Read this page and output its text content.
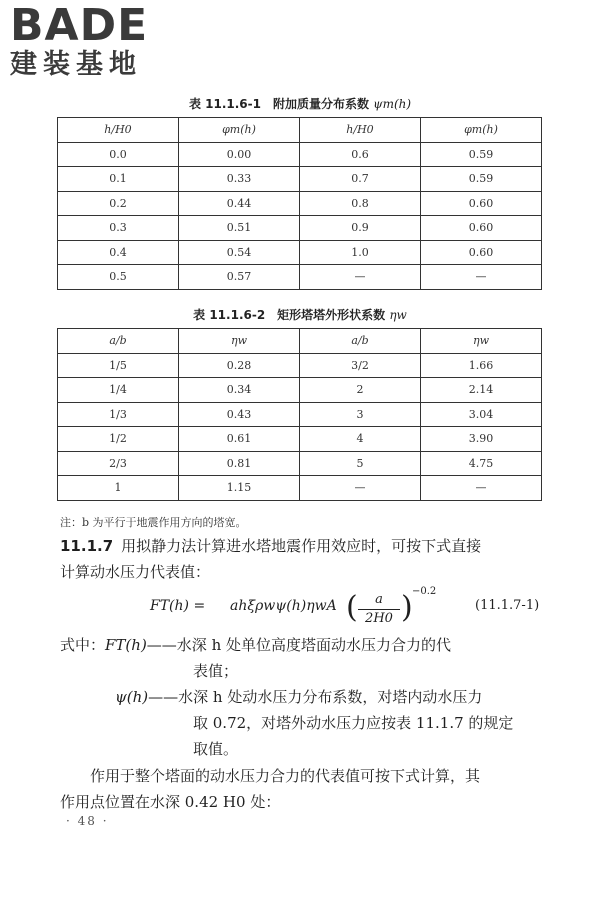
BADE
建装基地
表 11.1.6-1　附加质量分布系数 ψm(h)
h/H0	φm(h)	h/H0	φm(h)
0.0	0.00	0.6	0.59
0.1	0.33	0.7	0.59
0.2	0.44	0.8	0.60
0.3	0.51	0.9	0.60
0.4	0.54	1.0	0.60
0.5	0.57	—	—
表 11.1.6-2　矩形塔塔外形状系数 ηw
a/b	ηw	a/b	ηw
1/5	0.28	3/2	1.66
1/4	0.34	2	2.14
1/3	0.43	3	3.04
1/2	0.61	4	3.90
2/3	0.81	5	4.75
1	1.15	—	—
注：b 为平行于地震作用方向的塔宽。

11.1.7 用拟静力法计算进水塔地震作用效应时，可按下式直接
计算动水压力代表值：

FT(h) = ahξρwψ(h)ηwA (	a
2H0 ) −0.2
(11.1.7-1)
式中：FT(h)——水深 h 处单位高度塔面动水压力合力的代
表值；
ψ(h)——水深 h 处动水压力分布系数，对塔内动水压力
取 0.72，对塔外动水压力应按表 11.1.7 的规定
取值。

作用于整个塔面的动水压力合力的代表值可按下式计算，其

作用点位置在水深 0.42 H0 处：

· 48 ·
